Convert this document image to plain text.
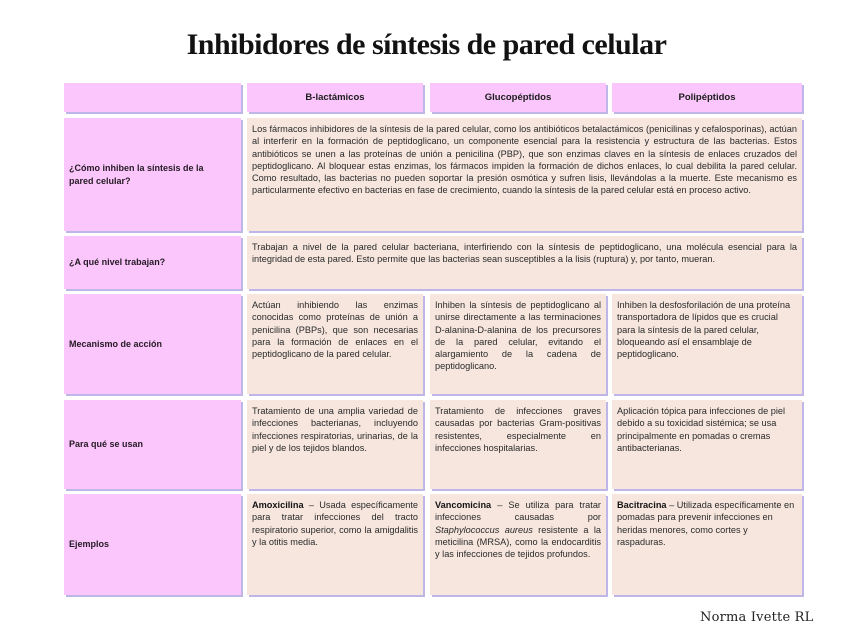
Inhibidores de síntesis de pared celular
B-lactámicos	Glucopéptidos	Polipéptidos
¿Cómo inhiben la síntesis de la pared celular?
Los fármacos inhibidores de la síntesis de la pared celular, como los antibióticos betalactámicos (penicilinas y cefalosporinas), actúan al interferir en la formación de peptidoglicano, un componente esencial para la resistencia y estructura de las bacterias. Estos antibióticos se unen a las proteínas de unión a penicilina (PBP), que son enzimas claves en la síntesis de enlaces cruzados del peptidoglicano. Al bloquear estas enzimas, los fármacos impiden la formación de dichos enlaces, lo cual debilita la pared celular. Como resultado, las bacterias no pueden soportar la presión osmótica y sufren lisis, llevándolas a la muerte. Este mecanismo es particularmente efectivo en bacterias en fase de crecimiento, cuando la síntesis de la pared celular está en proceso activo.
¿A qué nivel trabajan?
Trabajan a nivel de la pared celular bacteriana, interfiriendo con la síntesis de peptidoglicano, una molécula esencial para la integridad de esta pared. Esto permite que las bacterias sean susceptibles a la lisis (ruptura) y, por tanto, mueran.
Mecanismo de acción
Actúan inhibiendo las enzimas conocidas como proteínas de unión a penicilina (PBPs), que son necesarias para la formación de enlaces en el peptidoglicano de la pared celular.
Inhiben la síntesis de peptidoglicano al unirse directamente a las terminaciones D-alanina-D-alanina de los precursores de la pared celular, evitando el alargamiento de la cadena de peptidoglicano.
Inhiben la desfosforilación de una proteína transportadora de lípidos que es crucial para la síntesis de la pared celular, bloqueando así el ensamblaje de peptidoglicano.
Para qué se usan
Tratamiento de una amplia variedad de infecciones bacterianas, incluyendo infecciones respiratorias, urinarias, de la piel y de los tejidos blandos.
Tratamiento de infecciones graves causadas por bacterias Gram-positivas resistentes, especialmente en infecciones hospitalarias.
Aplicación tópica para infecciones de piel debido a su toxicidad sistémica; se usa principalmente en pomadas o cremas antibacterianas.
Ejemplos
Amoxicilina – Usada específicamente para tratar infecciones del tracto respiratorio superior, como la amigdalitis y la otitis media.
Vancomicina – Se utiliza para tratar infecciones causadas por Staphylococcus aureus resistente a la meticilina (MRSA), como la endocarditis y las infecciones de tejidos profundos.
Bacitracina – Utilizada específicamente en pomadas para prevenir infecciones en heridas menores, como cortes y raspaduras.
Norma Ivette RL
